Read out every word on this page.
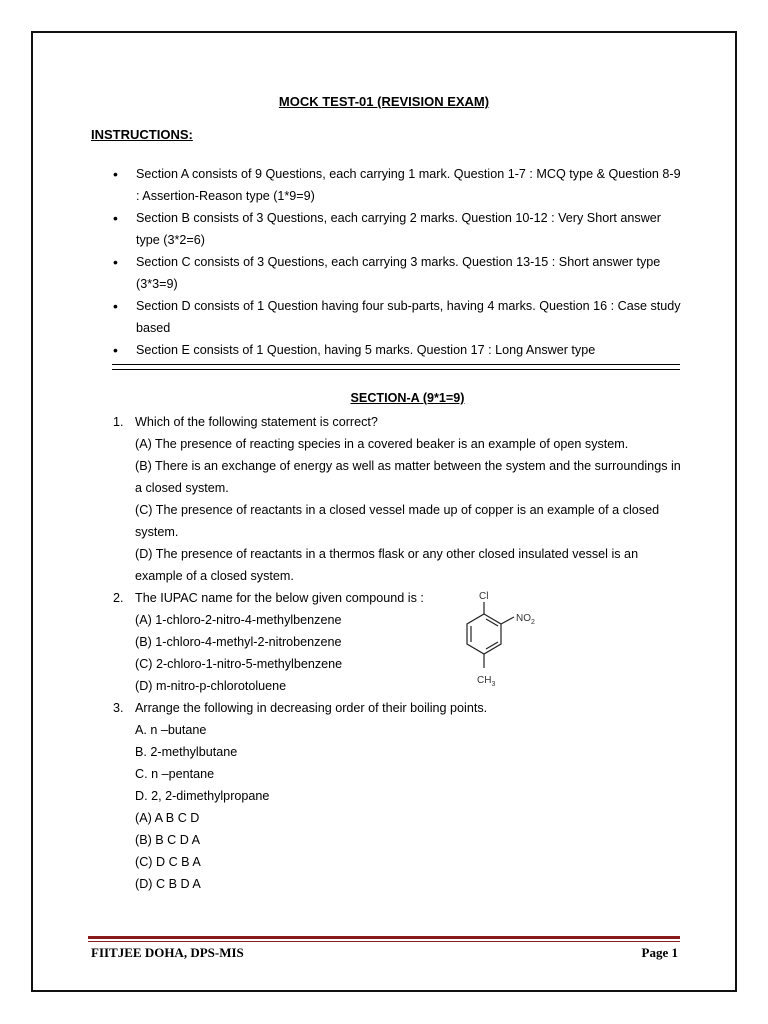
MOCK TEST-01 (REVISION EXAM)
INSTRUCTIONS:
• Section A consists of 9 Questions, each carrying 1 mark. Question 1-7 : MCQ type & Question 8-9 : Assertion-Reason type (1*9=9)
• Section B consists of 3 Questions, each carrying 2 marks. Question 10-12 : Very Short answer type (3*2=6)
• Section C consists of 3 Questions, each carrying 3 marks. Question 13-15 : Short answer type (3*3=9)
• Section D consists of 1 Question having four sub-parts, having 4 marks. Question 16 : Case study based
• Section E consists of 1 Question, having 5 marks. Question 17 : Long Answer type
SECTION-A (9*1=9)
1. Which of the following statement is correct?
(A) The presence of reacting species in a covered beaker is an example of open system.
(B) There is an exchange of energy as well as matter between the system and the surroundings in a closed system.
(C) The presence of reactants in a closed vessel made up of copper is an example of a closed system.
(D) The presence of reactants in a thermos flask or any other closed insulated vessel is an example of a closed system.
2. The IUPAC name for the below given compound is :
(A) 1-chloro-2-nitro-4-methylbenzene
(B) 1-chloro-4-methyl-2-nitrobenzene
(C) 2-chloro-1-nitro-5-methylbenzene
(D) m-nitro-p-chlorotoluene
3. Arrange the following in decreasing order of their boiling points.
A. n –butane
B. 2-methylbutane
C. n –pentane
D. 2, 2-dimethylpropane
(A) A B C D
(B) B C D A
(C) D C B A
(D) C B D A
Cl
$NO_2$
$CH_3$
FIITJEE DOHA, DPS-MIS	Page 1
